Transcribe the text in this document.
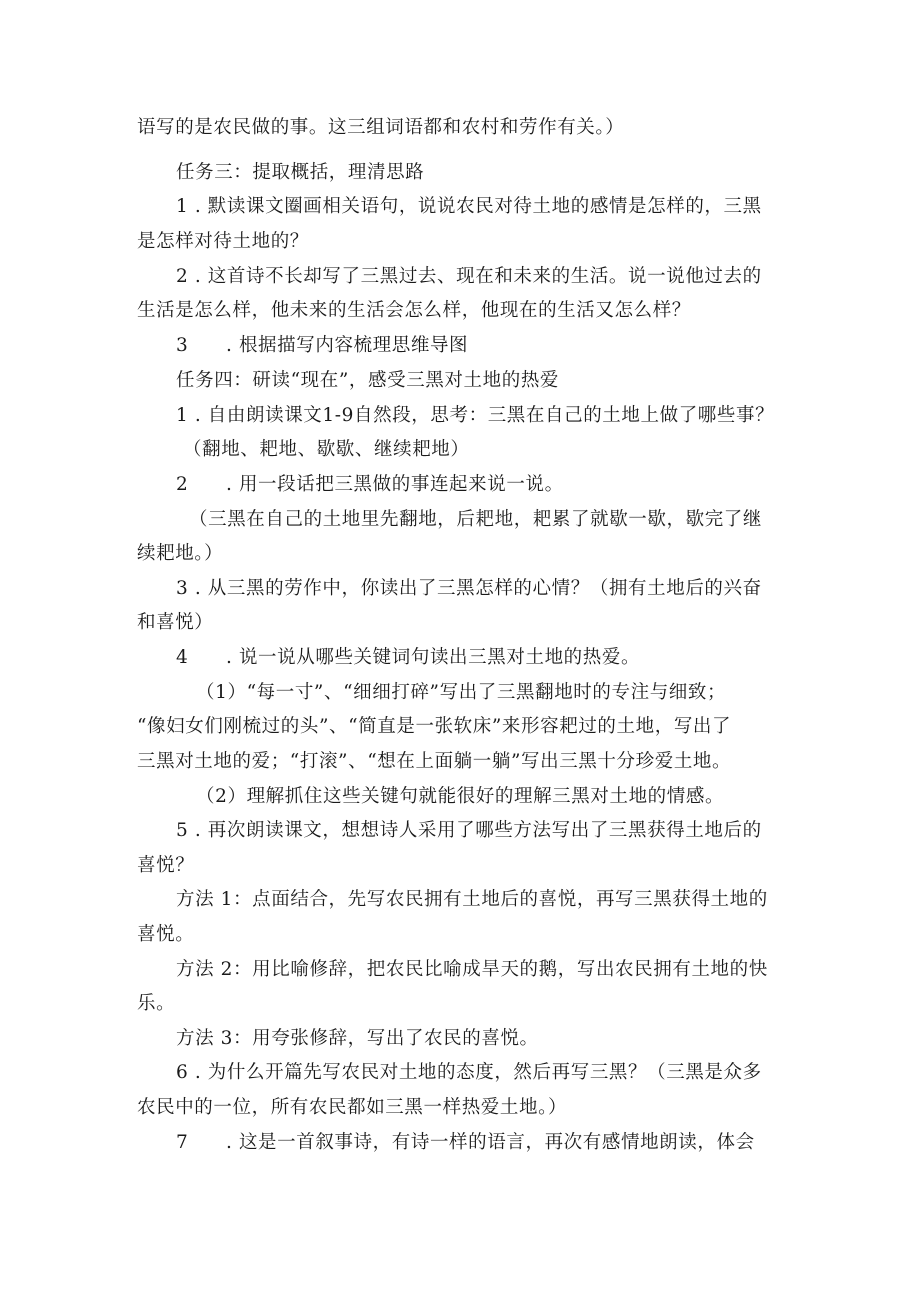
语写的是农民做的事。这三组词语都和农村和劳作有关。）
任务三：提取概括，理清思路
1 . 默读课文圈画相关语句，说说农民对待土地的感情是怎样的，三黑
是怎样对待土地的？
2 . 这首诗不长却写了三黑过去、现在和未来的生活。说一说他过去的
生活是怎么样，他未来的生活会怎么样，他现在的生活又怎么样？
3 . 根据描写内容梳理思维导图
任务四：研读“现在”，感受三黑对土地的热爱
1 . 自由朗读课文1-9自然段，思考：三黑在自己的土地上做了哪些事？
（翻地、耙地、歇歇、继续耙地）
2 . 用一段话把三黑做的事连起来说一说。
（三黑在自己的土地里先翻地，后耙地，耙累了就歇一歇，歇完了继
续耙地。）
3 . 从三黑的劳作中，你读出了三黑怎样的心情？（拥有土地后的兴奋
和喜悦）
4 . 说一说从哪些关键词句读出三黑对土地的热爱。
（1）“每一寸”、“细细打碎”写出了三黑翻地时的专注与细致；
“像妇女们刚梳过的头”、“简直是一张软床”来形容耙过的土地，写出了
三黑对土地的爱；“打滚”、“想在上面躺一躺”写出三黑十分珍爱土地。
（2）理解抓住这些关键句就能很好的理解三黑对土地的情感。
5 . 再次朗读课文，想想诗人采用了哪些方法写出了三黑获得土地后的
喜悦？
方法 1：点面结合，先写农民拥有土地后的喜悦，再写三黑获得土地的
喜悦。
方法 2：用比喻修辞，把农民比喻成旱天的鹅，写出农民拥有土地的快
乐。
方法 3：用夸张修辞，写出了农民的喜悦。
6 . 为什么开篇先写农民对土地的态度，然后再写三黑？（三黑是众多
农民中的一位，所有农民都如三黑一样热爱土地。）
7 . 这是一首叙事诗，有诗一样的语言，再次有感情地朗读，体会
